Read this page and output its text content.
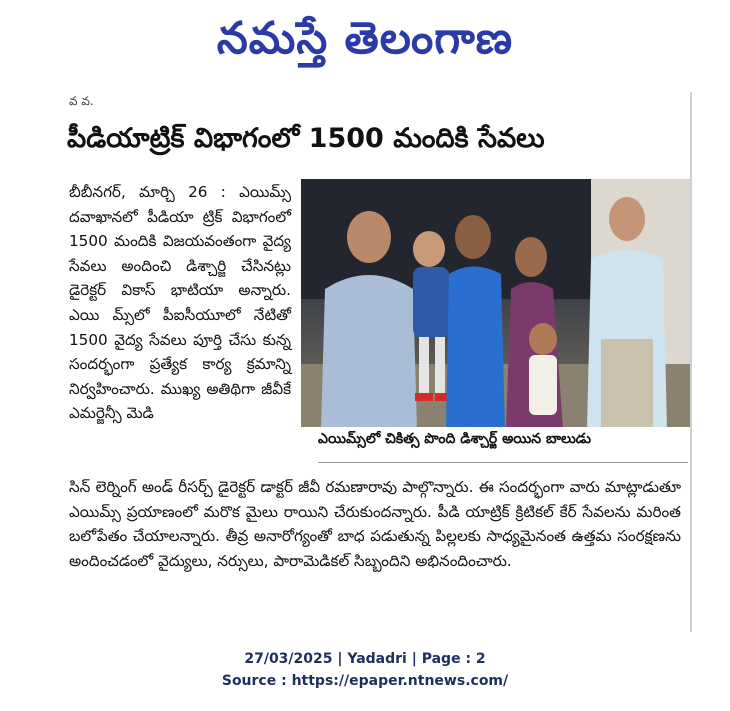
నమస్తే తెలంగాణ
వ వ.
పీడియాట్రిక్ విభాగంలో 1500 మందికి సేవలు
బీబీనగర్, మార్చి 26 : ఎయిమ్స్ దవాఖానలో పీడియా ట్రిక్ విభాగంలో 1500 మందికి విజయవంతంగా వైద్య సేవలు అందించి డిశ్చార్జి చేసినట్లు డైరెక్టర్ వికాస్ భాటియా అన్నారు. ఎయి మ్స్‌లో పీఐసీయూలో నేటితో 1500 వైద్య సేవలు పూర్తి చేసు కున్న సందర్భంగా ప్రత్యేక కార్య క్రమాన్ని నిర్వహించారు. ముఖ్య అతిథిగా జీవీకే ఎమర్జెన్సీ మెడి
ఎయిమ్స్‌లో చికిత్స పొంది డిశ్చార్జ్ అయిన బాలుడు
సిన్ లెర్నింగ్ అండ్ రీసర్చ్ డైరెక్టర్ డాక్టర్ జీవీ రమణారావు పాల్గొన్నారు. ఈ సందర్భంగా వారు మాట్లాడుతూ ఎయిమ్స్ ప్రయాణంలో మరొక మైలు రాయిని చేరుకుందన్నారు. పీడి యాట్రిక్ క్రిటికల్ కేర్ సేవలను మరింత బలోపేతం చేయాలన్నారు. తీవ్ర అనారోగ్యంతో బాధ పడుతున్న పిల్లలకు సాధ్యమైనంత ఉత్తమ సంరక్షణను అందించడంలో వైద్యులు, నర్సులు, పారామెడికల్ సిబ్బందిని అభినందించారు.
27/03/2025 | Yadadri | Page : 2
Source : https://epaper.ntnews.com/
